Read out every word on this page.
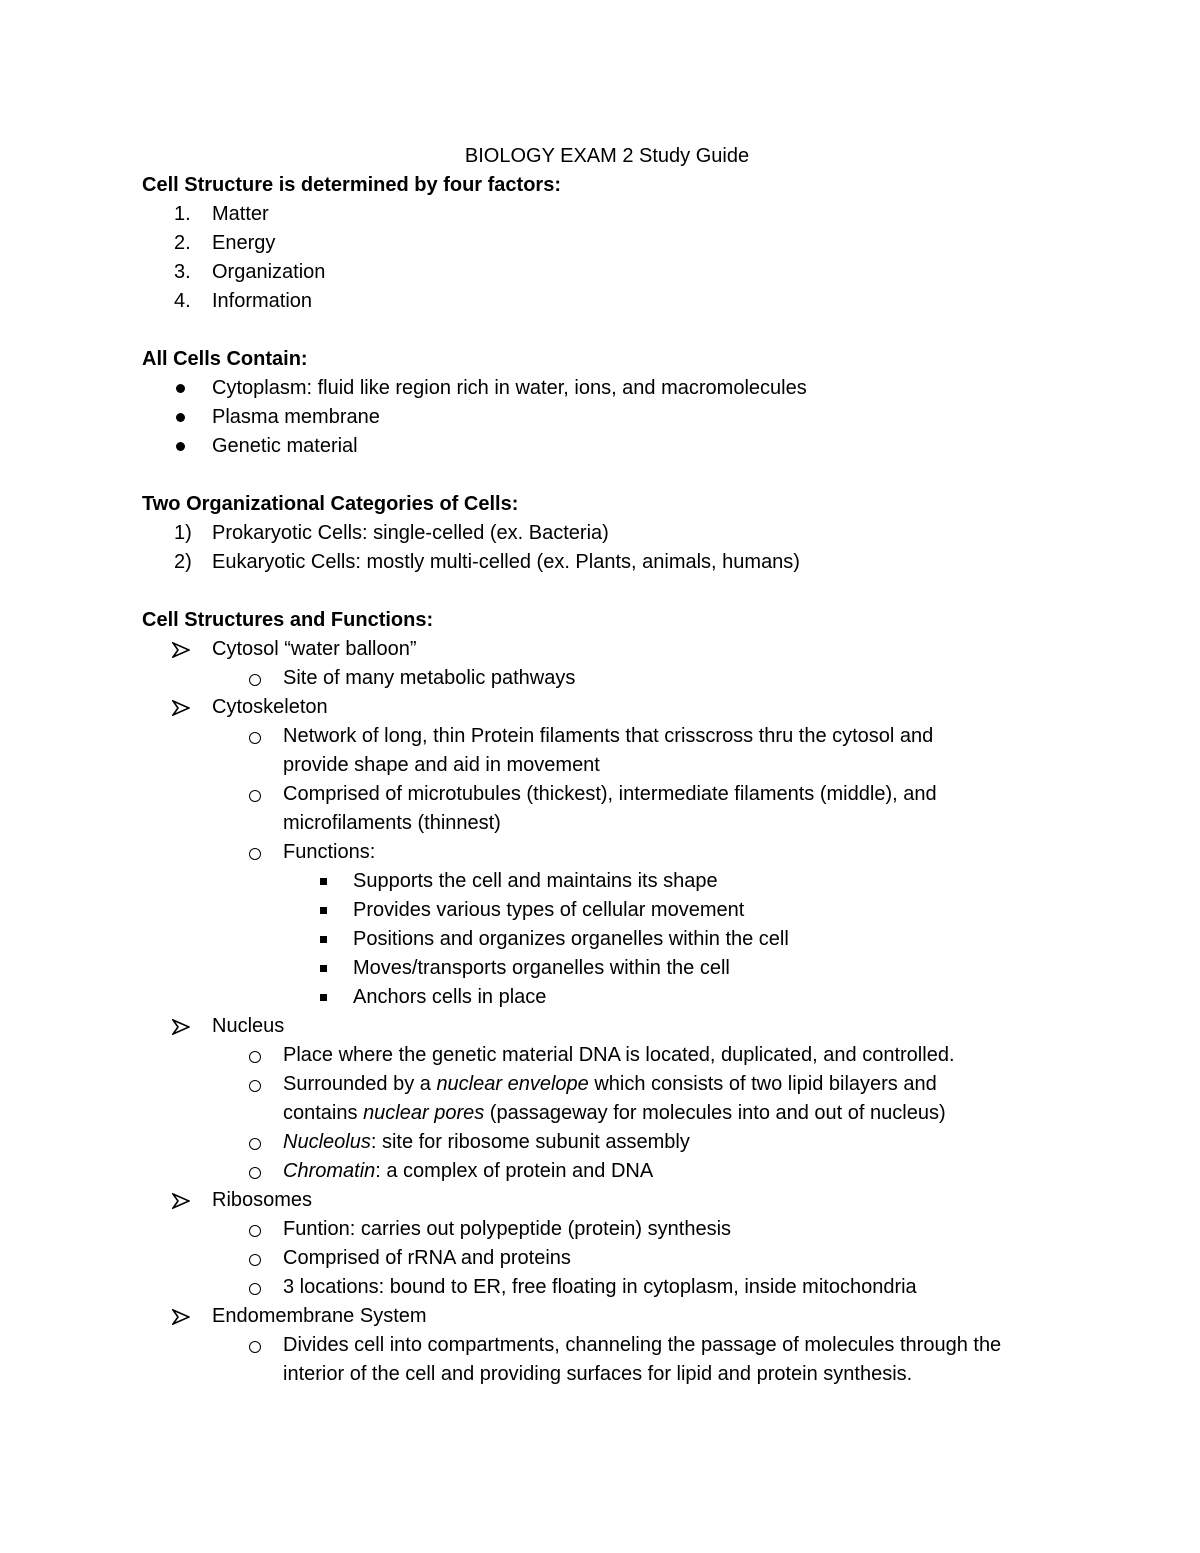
BIOLOGY EXAM 2 Study Guide
Cell Structure is determined by four factors:
1. Matter
2. Energy
3. Organization
4. Information
All Cells Contain:
Cytoplasm: fluid like region rich in water, ions, and macromolecules
Plasma membrane
Genetic material
Two Organizational Categories of Cells:
1) Prokaryotic Cells: single-celled (ex. Bacteria)
2) Eukaryotic Cells: mostly multi-celled (ex. Plants, animals, humans)
Cell Structures and Functions:
Cytosol “water balloon”
Site of many metabolic pathways
Cytoskeleton
Network of long, thin Protein filaments that crisscross thru the cytosol and
provide shape and aid in movement
Comprised of microtubules (thickest), intermediate filaments (middle), and
microfilaments (thinnest)
Functions:
Supports the cell and maintains its shape
Provides various types of cellular movement
Positions and organizes organelles within the cell
Moves/transports organelles within the cell
Anchors cells in place
Nucleus
Place where the genetic material DNA is located, duplicated, and controlled.
Surrounded by a nuclear envelope which consists of two lipid bilayers and
contains nuclear pores (passageway for molecules into and out of nucleus)
Nucleolus: site for ribosome subunit assembly
Chromatin: a complex of protein and DNA
Ribosomes
Funtion: carries out polypeptide (protein) synthesis
Comprised of rRNA and proteins
3 locations: bound to ER, free floating in cytoplasm, inside mitochondria
Endomembrane System
Divides cell into compartments, channeling the passage of molecules through the
interior of the cell and providing surfaces for lipid and protein synthesis.
